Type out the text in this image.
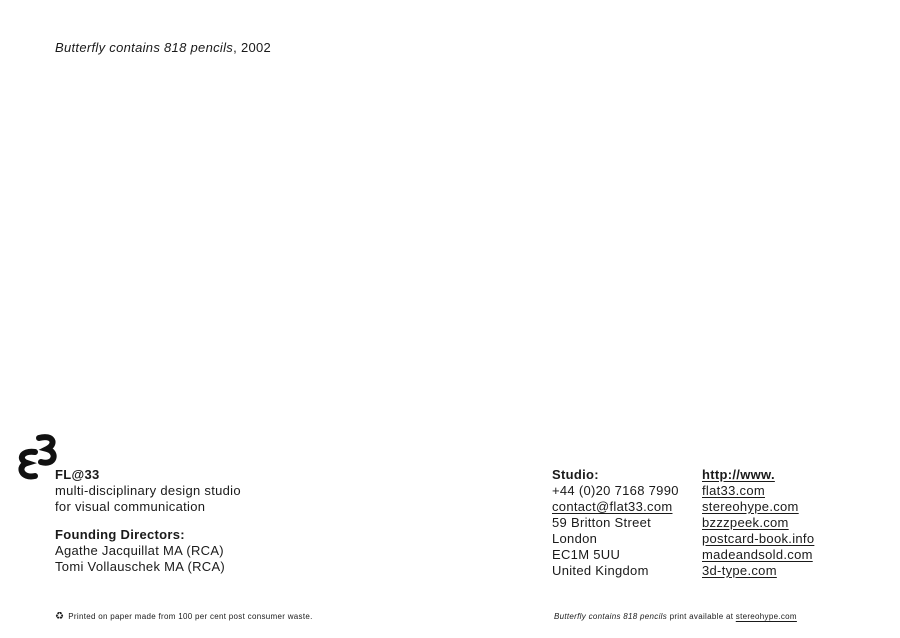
Butterfly contains 818 pencils, 2002
FL@33
multi-disciplinary design studio
for visual communication
Founding Directors:
Agathe Jacquillat MA (RCA)
Tomi Vollauschek MA (RCA)
Studio:
+44 (0)20 7168 7990
contact@flat33.com
59 Britton Street
London
EC1M 5UU
United Kingdom
http://www.
flat33.com
stereohype.com
bzzzpeek.com
postcard-book.info
madeandsold.com
3d-type.com
♻ Printed on paper made from 100 per cent post consumer waste.	Butterfly contains 818 pencils print available at stereohype.com
